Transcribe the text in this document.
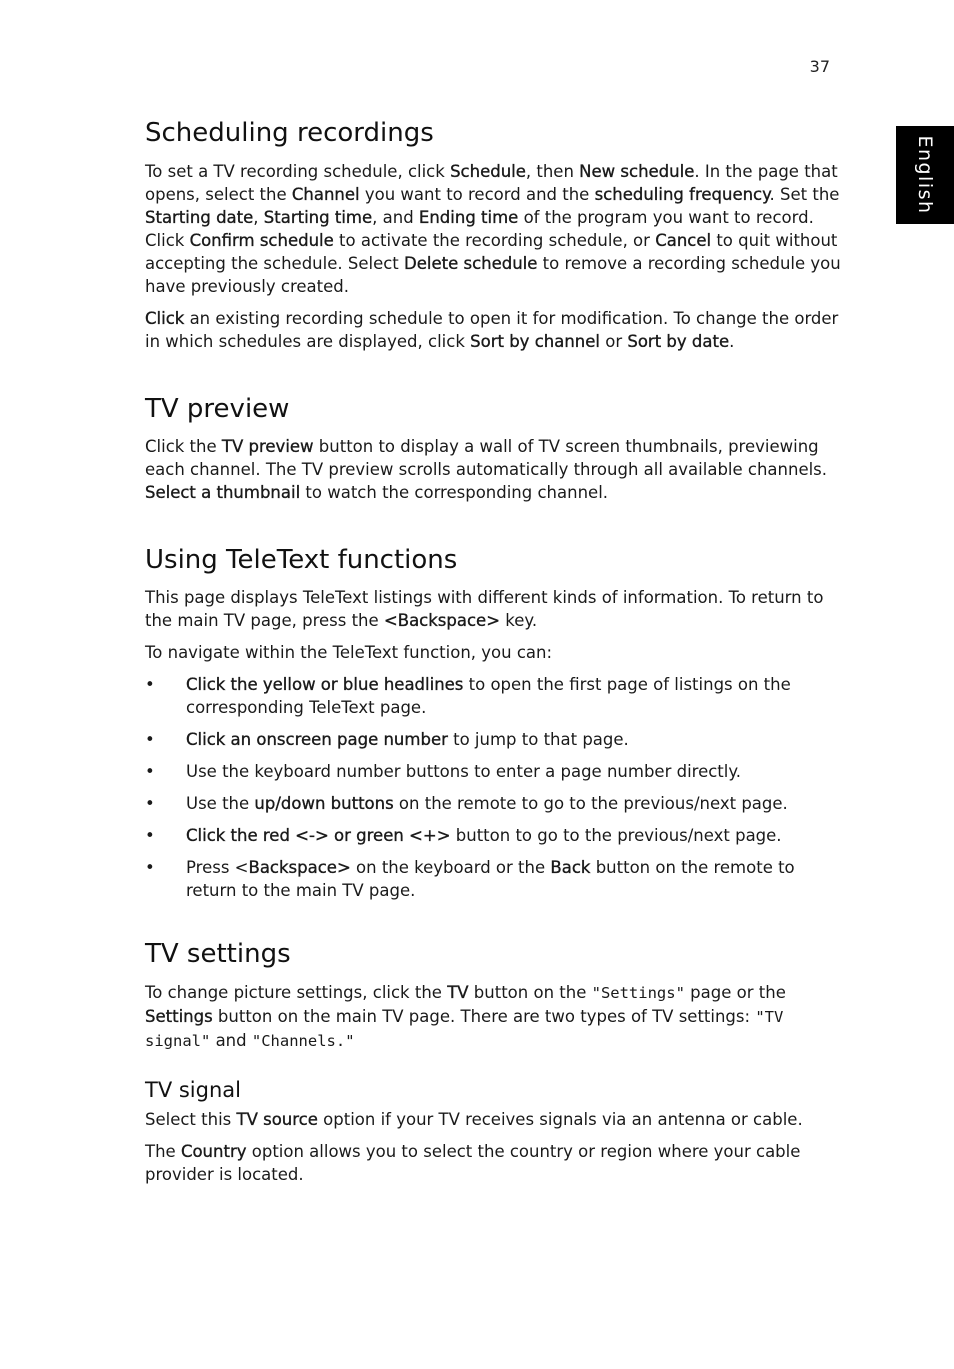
37
English
Scheduling recordings

To set a TV recording schedule, click Schedule, then New schedule. In the page that opens, select the Channel you want to record and the scheduling frequency. Set the Starting date, Starting time, and Ending time of the program you want to record. Click Confirm schedule to activate the recording schedule, or Cancel to quit without accepting the schedule. Select Delete schedule to remove a recording schedule you have previously created.

Click an existing recording schedule to open it for modification. To change the order in which schedules are displayed, click Sort by channel or Sort by date.

TV preview

Click the TV preview button to display a wall of TV screen thumbnails, previewing each channel. The TV preview scrolls automatically through all available channels. Select a thumbnail to watch the corresponding channel.

Using TeleText functions

This page displays TeleText listings with different kinds of information. To return to the main TV page, press the <Backspace> key.

To navigate within the TeleText function, you can:

• Click the yellow or blue headlines to open the first page of listings on the corresponding TeleText page.
• Click an onscreen page number to jump to that page.
• Use the keyboard number buttons to enter a page number directly.
• Use the up/down buttons on the remote to go to the previous/next page.
• Click the red <-> or green <+> button to go to the previous/next page.
• Press <Backspace> on the keyboard or the Back button on the remote to return to the main TV page.
TV settings

To change picture settings, click the TV button on the "Settings" page or the Settings button on the main TV page. There are two types of TV settings: "TV signal" and "Channels."

TV signal

Select this TV source option if your TV receives signals via an antenna or cable.

The Country option allows you to select the country or region where your cable provider is located.
